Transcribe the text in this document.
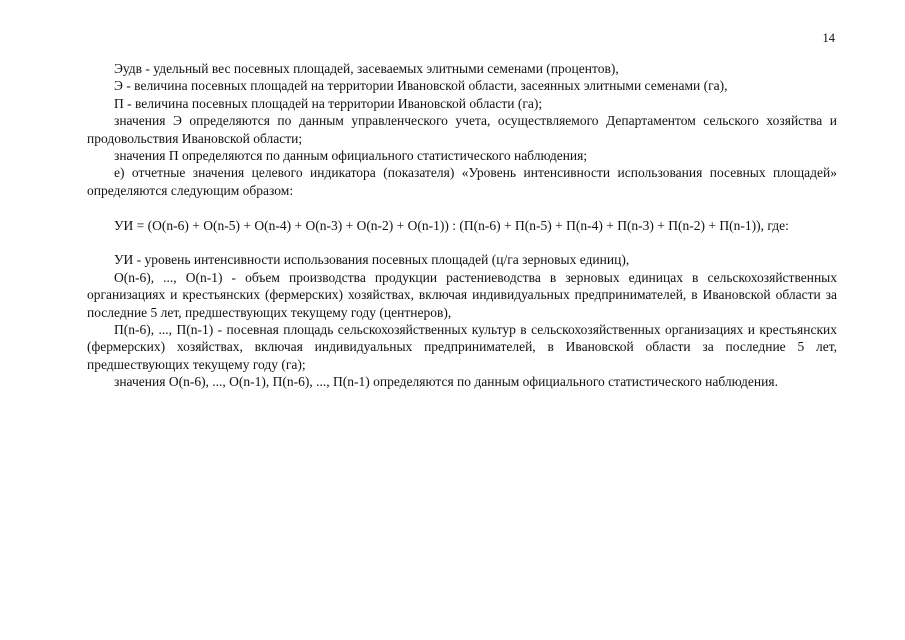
14

Эудв - удельный вес посевных площадей, засеваемых элитными семенами (процентов),

Э - величина посевных площадей на территории Ивановской области, засеянных элитными семенами (га),

П - величина посевных площадей на территории Ивановской области (га);

значения Э определяются по данным управленческого учета, осуществляемого Департаментом сельского хозяйства и продовольствия Ивановской области;

значения П определяются по данным официального статистического наблюдения;

е) отчетные значения целевого индикатора (показателя) «Уровень интенсивности использования посевных площадей» определяются следующим образом:

УИ = (O(n-6) + O(n-5) + O(n-4) + O(n-3) + O(n-2) + O(n-1)) : (П(n-6) + П(n-5) + П(n-4) + П(n-3) + П(n-2) + П(n-1)), где:

УИ - уровень интенсивности использования посевных площадей (ц/га зерновых единиц),

O(n-6), ..., O(n-1) - объем производства продукции растениеводства в зерновых единицах в сельскохозяйственных организациях и крестьянских (фермерских) хозяйствах, включая индивидуальных предпринимателей, в Ивановской области за последние 5 лет, предшествующих текущему году (центнеров),

П(n-6), ..., П(n-1) - посевная площадь сельскохозяйственных культур в сельскохозяйственных организациях и крестьянских (фермерских) хозяйствах, включая индивидуальных предпринимателей, в Ивановской области за последние 5 лет, предшествующих текущему году (га);

значения O(n-6), ..., O(n-1), П(n-6), ..., П(n-1) определяются по данным официального статистического наблюдения.
